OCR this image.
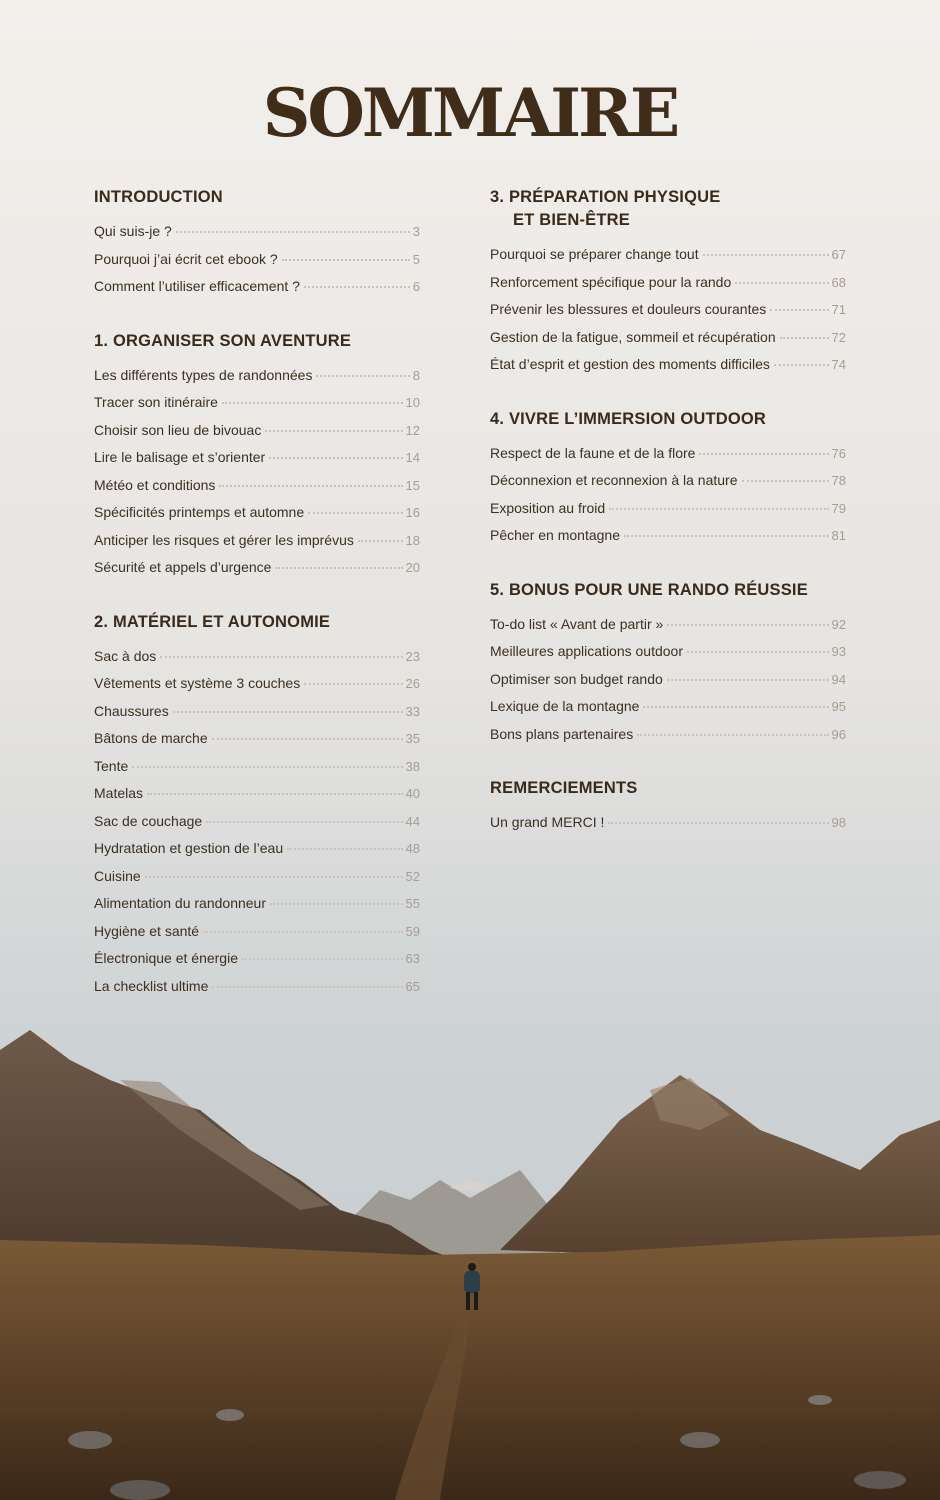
SOMMAIRE
INTRODUCTION
Qui suis-je ?	3
Pourquoi j’ai écrit cet ebook ?	5
Comment l’utiliser efficacement ?	6
1. ORGANISER SON AVENTURE
Les différents types de randonnées	8
Tracer son itinéraire	10
Choisir son lieu de bivouac	12
Lire le balisage et s’orienter	14
Météo et conditions	15
Spécificités printemps et automne	16
Anticiper les risques et gérer les imprévus	18
Sécurité et appels d’urgence	20
2. MATÉRIEL ET AUTONOMIE
Sac à dos	23
Vêtements et système 3 couches	26
Chaussures	33
Bâtons de marche	35
Tente	38
Matelas	40
Sac de couchage	44
Hydratation et gestion de l’eau	48
Cuisine	52
Alimentation du randonneur	55
Hygiène et santé	59
Électronique et énergie	63
La checklist ultime	65
3. PRÉPARATION PHYSIQUE
ET BIEN-ÊTRE
Pourquoi se préparer change tout	67
Renforcement spécifique pour la rando	68
Prévenir les blessures et douleurs courantes	71
Gestion de la fatigue, sommeil et récupération	72
État d’esprit et gestion des moments difficiles	74
4. VIVRE L’IMMERSION OUTDOOR
Respect de la faune et de la flore	76
Déconnexion et reconnexion à la nature	78
Exposition au froid	79
Pêcher en montagne	81
5. BONUS POUR UNE RANDO RÉUSSIE
To-do list « Avant de partir »	92
Meilleures applications outdoor	93
Optimiser son budget rando	94
Lexique de la montagne	95
Bons plans partenaires	96
REMERCIEMENTS
Un grand MERCI !	98
